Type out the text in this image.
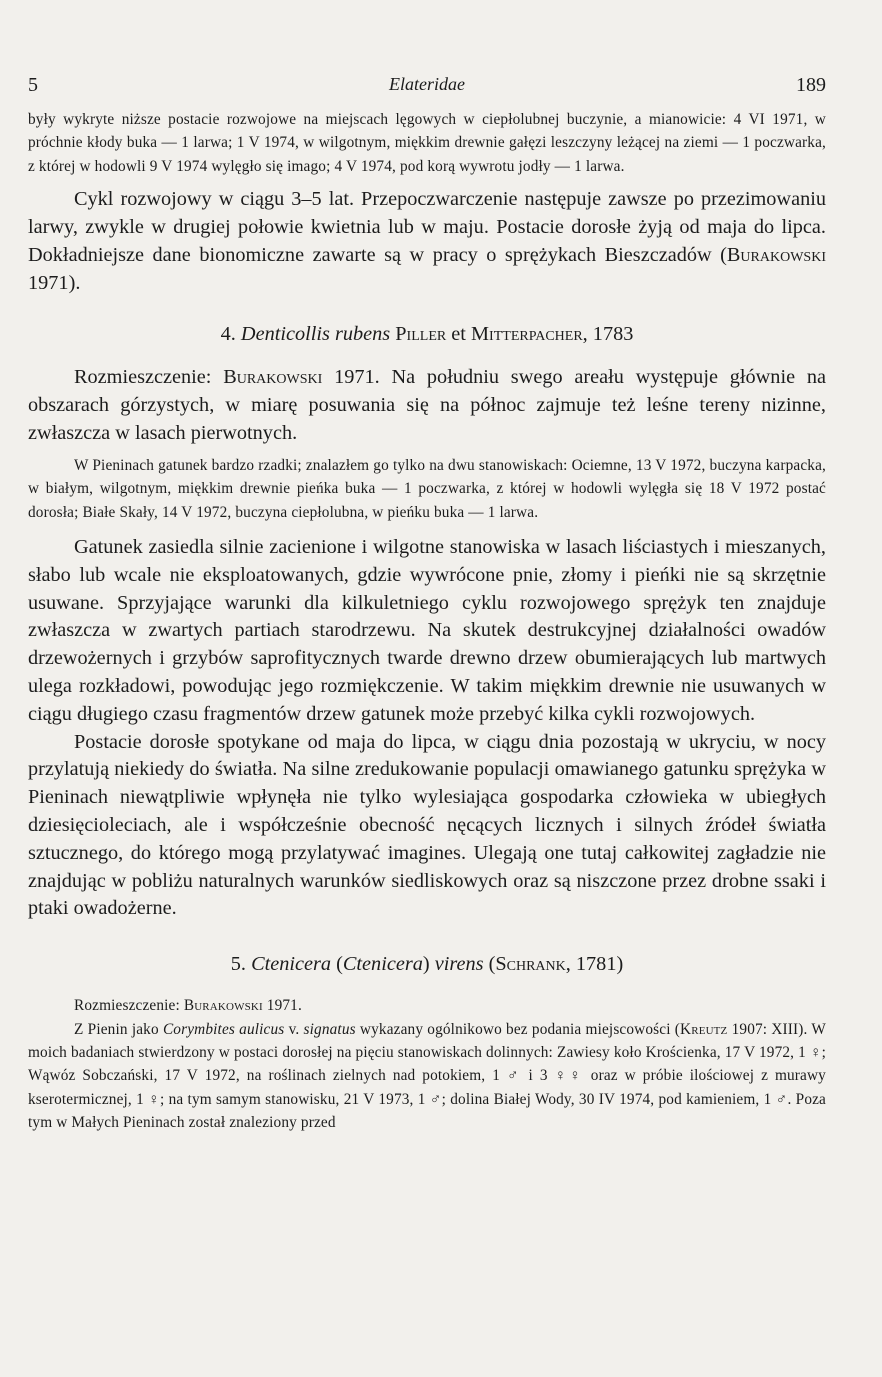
5	Elateridae	189

były wykryte niższe postacie rozwojowe na miejscach lęgowych w ciepłolubnej buczynie, a mianowicie: 4 VI 1971, w próchnie kłody buka — 1 larwa; 1 V 1974, w wilgotnym, miękkim drewnie gałęzi leszczyny leżącej na ziemi — 1 poczwarka, z której w hodowli 9 V 1974 wylęgło się imago; 4 V 1974, pod korą wywrotu jodły — 1 larwa.

Cykl rozwojowy w ciągu 3–5 lat. Przepoczwarczenie następuje zawsze po przezimowaniu larwy, zwykle w drugiej połowie kwietnia lub w maju. Postacie dorosłe żyją od maja do lipca. Dokładniejsze dane bionomiczne zawarte są w pracy o sprężykach Bieszczadów (Burakowski 1971).

4. Denticollis rubens Piller et Mitterpacher, 1783

Rozmieszczenie: Burakowski 1971. Na południu swego areału występuje głównie na obszarach górzystych, w miarę posuwania się na północ zajmuje też leśne tereny nizinne, zwłaszcza w lasach pierwotnych.

W Pieninach gatunek bardzo rzadki; znalazłem go tylko na dwu stanowiskach: Ociemne, 13 V 1972, buczyna karpacka, w białym, wilgotnym, miękkim drewnie pieńka buka — 1 poczwarka, z której w hodowli wylęgła się 18 V 1972 postać dorosła; Białe Skały, 14 V 1972, buczyna ciepłolubna, w pieńku buka — 1 larwa.

Gatunek zasiedla silnie zacienione i wilgotne stanowiska w lasach liściastych i mieszanych, słabo lub wcale nie eksploatowanych, gdzie wywrócone pnie, złomy i pieńki nie są skrzętnie usuwane. Sprzyjające warunki dla kilkuletniego cyklu rozwojowego sprężyk ten znajduje zwłaszcza w zwartych partiach starodrzewu. Na skutek destrukcyjnej działalności owadów drzewożernych i grzybów saprofitycznych twarde drewno drzew obumierających lub martwych ulega rozkładowi, powodując jego rozmiękczenie. W takim miękkim drewnie nie usuwanych w ciągu długiego czasu fragmentów drzew gatunek może przebyć kilka cykli rozwojowych.

Postacie dorosłe spotykane od maja do lipca, w ciągu dnia pozostają w ukryciu, w nocy przylatują niekiedy do światła. Na silne zredukowanie populacji omawianego gatunku sprężyka w Pieninach niewątpliwie wpłynęła nie tylko wylesiająca gospodarka człowieka w ubiegłych dziesięcioleciach, ale i współcześnie obecność nęcących licznych i silnych źródeł światła sztucznego, do którego mogą przylatywać imagines. Ulegają one tutaj całkowitej zagładzie nie znajdując w pobliżu naturalnych warunków siedliskowych oraz są niszczone przez drobne ssaki i ptaki owadożerne.

5. Ctenicera (Ctenicera) virens (Schrank, 1781)

Rozmieszczenie: Burakowski 1971.

Z Pienin jako Corymbites aulicus v. signatus wykazany ogólnikowo bez podania miejscowości (Kreutz 1907: XIII). W moich badaniach stwierdzony w postaci dorosłej na pięciu stanowiskach dolinnych: Zawiesy koło Krościenka, 17 V 1972, 1 ♀; Wąwóz Sobczański, 17 V 1972, na roślinach zielnych nad potokiem, 1 ♂ i 3 ♀♀ oraz w próbie ilościowej z murawy kserotermicznej, 1 ♀; na tym samym stanowisku, 21 V 1973, 1 ♂; dolina Białej Wody, 30 IV 1974, pod kamieniem, 1 ♂. Poza tym w Małych Pieninach został znaleziony przed
